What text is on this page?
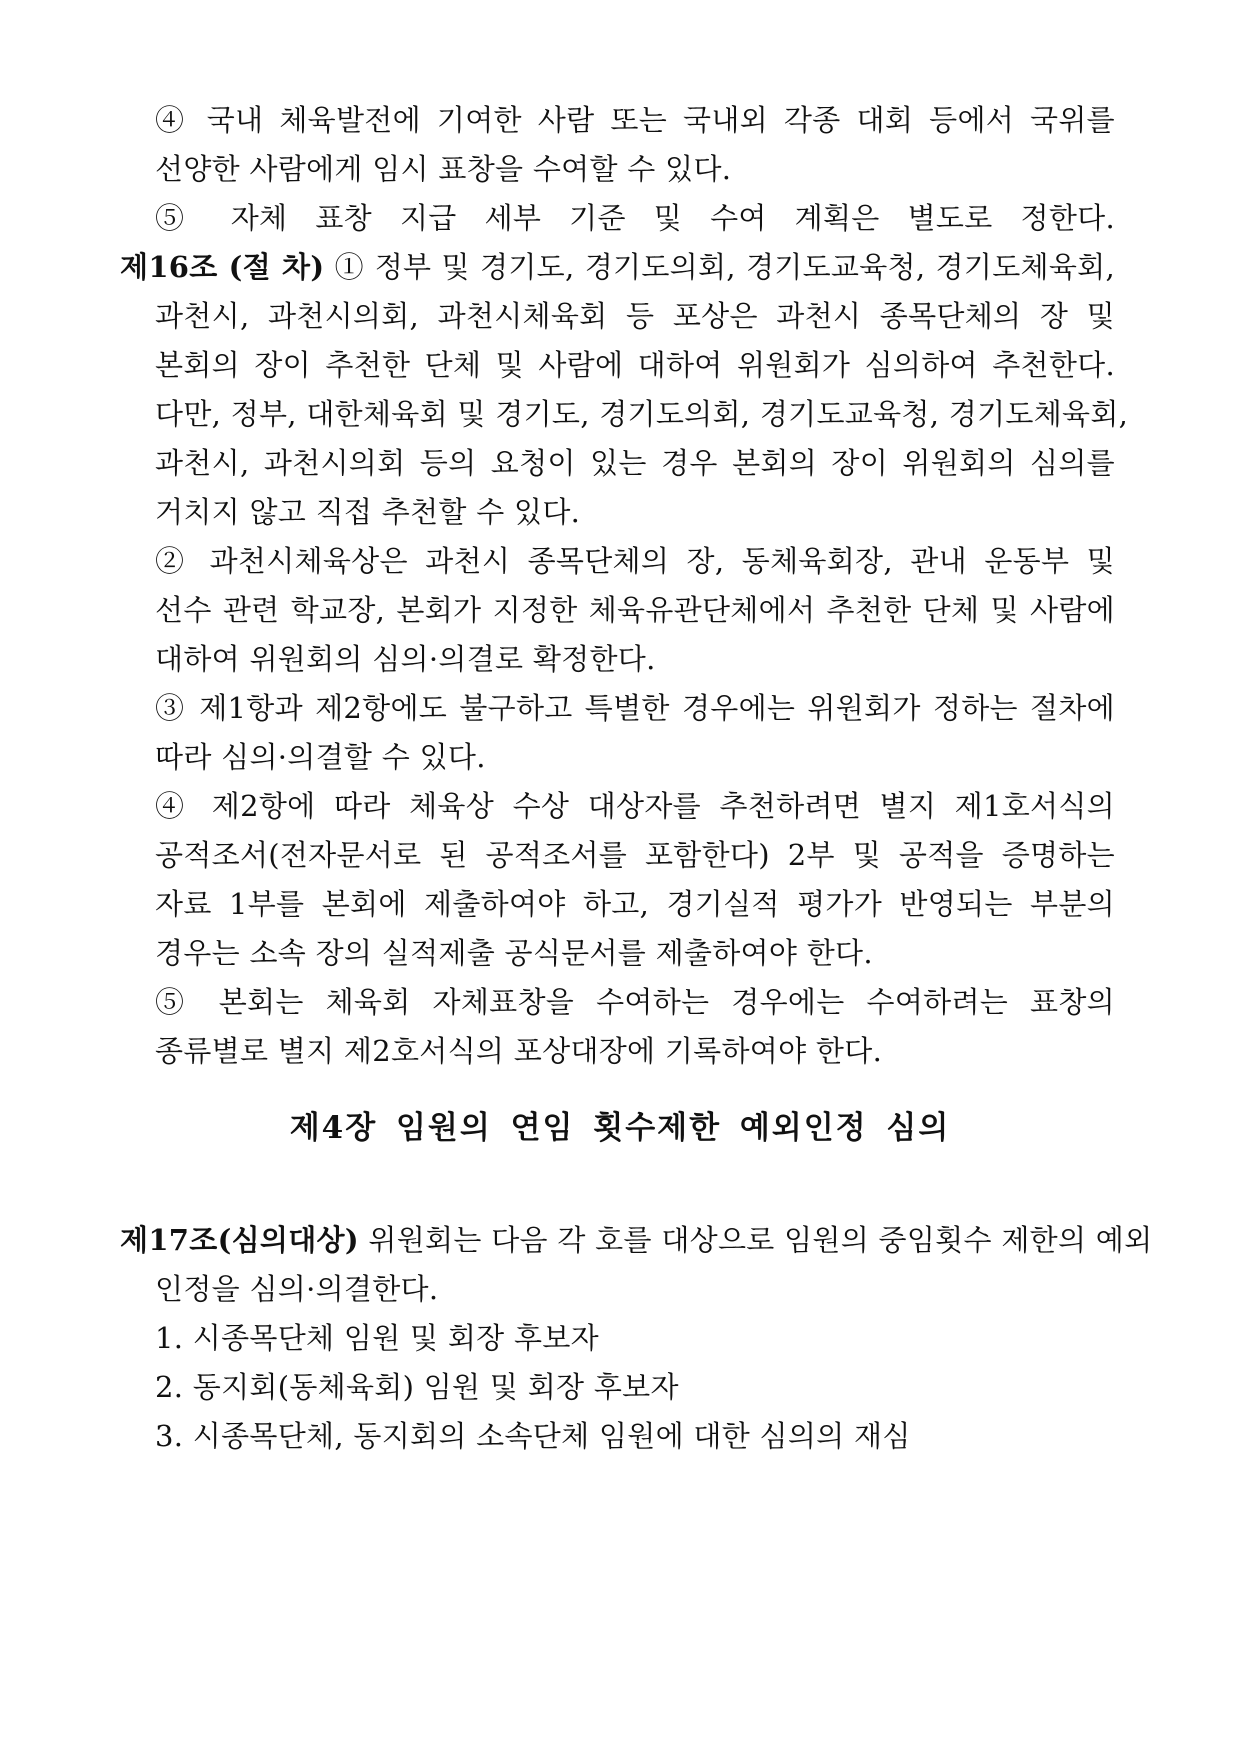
④ 국내 체육발전에 기여한 사람 또는 국내외 각종 대회 등에서 국위를
선양한 사람에게 임시 표창을 수여할 수 있다.
⑤ 자체 표창 지급 세부 기준 및 수여 계획은 별도로 정한다.
제16조 (절 차) ① 정부 및 경기도, 경기도의회, 경기도교육청, 경기도체육회,
과천시, 과천시의회, 과천시체육회 등 포상은 과천시 종목단체의 장 및
본회의 장이 추천한 단체 및 사람에 대하여 위원회가 심의하여 추천한다.
다만, 정부, 대한체육회 및 경기도, 경기도의회, 경기도교육청, 경기도체육회,
과천시, 과천시의회 등의 요청이 있는 경우 본회의 장이 위원회의 심의를
거치지 않고 직접 추천할 수 있다.
② 과천시체육상은 과천시 종목단체의 장, 동체육회장, 관내 운동부 및
선수 관련 학교장, 본회가 지정한 체육유관단체에서 추천한 단체 및 사람에
대하여 위원회의 심의·의결로 확정한다.
③ 제1항과 제2항에도 불구하고 특별한 경우에는 위원회가 정하는 절차에
따라 심의·의결할 수 있다.
④ 제2항에 따라 체육상 수상 대상자를 추천하려면 별지 제1호서식의
공적조서(전자문서로 된 공적조서를 포함한다) 2부 및 공적을 증명하는
자료 1부를 본회에 제출하여야 하고, 경기실적 평가가 반영되는 부분의
경우는 소속 장의 실적제출 공식문서를 제출하여야 한다.
⑤ 본회는 체육회 자체표창을 수여하는 경우에는 수여하려는 표창의
종류별로 별지 제2호서식의 포상대장에 기록하여야 한다.
제4장 임원의 연임 횟수제한 예외인정 심의
제17조(심의대상) 위원회는 다음 각 호를 대상으로 임원의 중임횟수 제한의 예외
인정을 심의·의결한다.
1. 시종목단체 임원 및 회장 후보자
2. 동지회(동체육회) 임원 및 회장 후보자
3. 시종목단체, 동지회의 소속단체 임원에 대한 심의의 재심
